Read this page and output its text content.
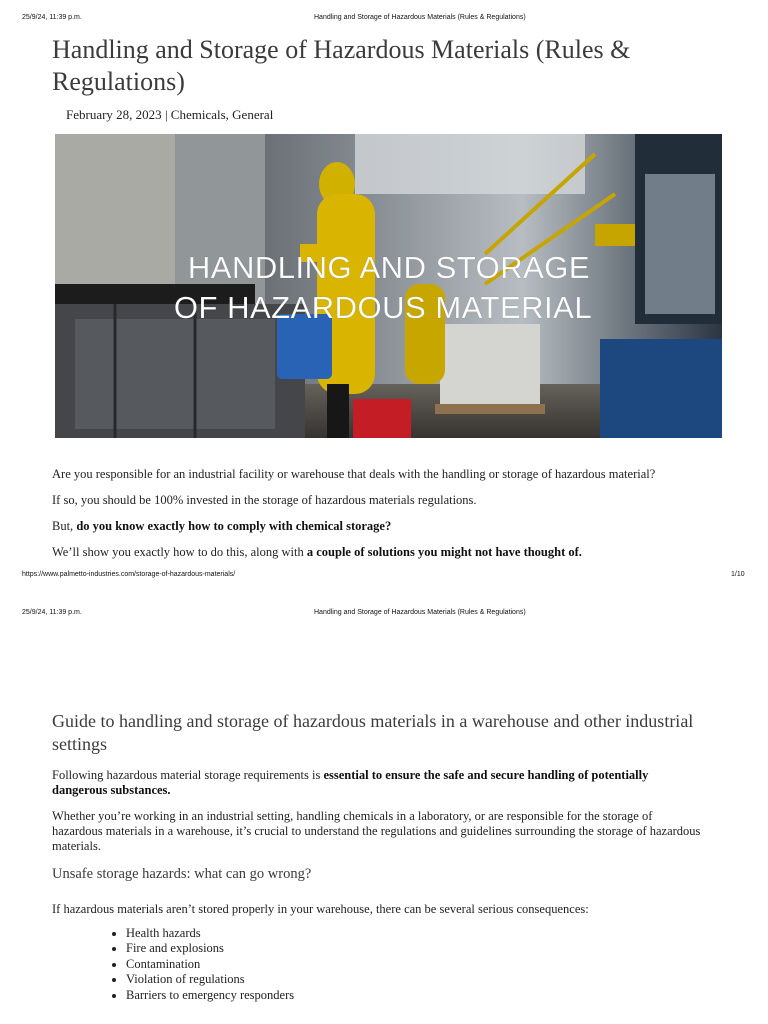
25/9/24, 11:39 p.m.	Handling and Storage of Hazardous Materials (Rules & Regulations)
Handling and Storage of Hazardous Materials (Rules & Regulations)
February 28, 2023 | Chemicals, General
HANDLING AND STORAGE
OF HAZARDOUS MATERIAL
Are you responsible for an industrial facility or warehouse that deals with the handling or storage of hazardous material?
If so, you should be 100% invested in the storage of hazardous materials regulations.
But, do you know exactly how to comply with chemical storage?
We’ll show you exactly how to do this, along with a couple of solutions you might not have thought of.
https://www.palmetto-industries.com/storage-of-hazardous-materials/	1/10
25/9/24, 11:39 p.m.	Handling and Storage of Hazardous Materials (Rules & Regulations)
Guide to handling and storage of hazardous materials in a warehouse and other industrial settings
Following hazardous material storage requirements is essential to ensure the safe and secure handling of potentially dangerous substances.
Whether you’re working in an industrial setting, handling chemicals in a laboratory, or are responsible for the storage of hazardous materials in a warehouse, it’s crucial to understand the regulations and guidelines surrounding the storage of hazardous materials.
Unsafe storage hazards: what can go wrong?
If hazardous materials aren’t stored properly in your warehouse, there can be several serious consequences:
• Health hazards
• Fire and explosions
• Contamination
• Violation of regulations
• Barriers to emergency responders
